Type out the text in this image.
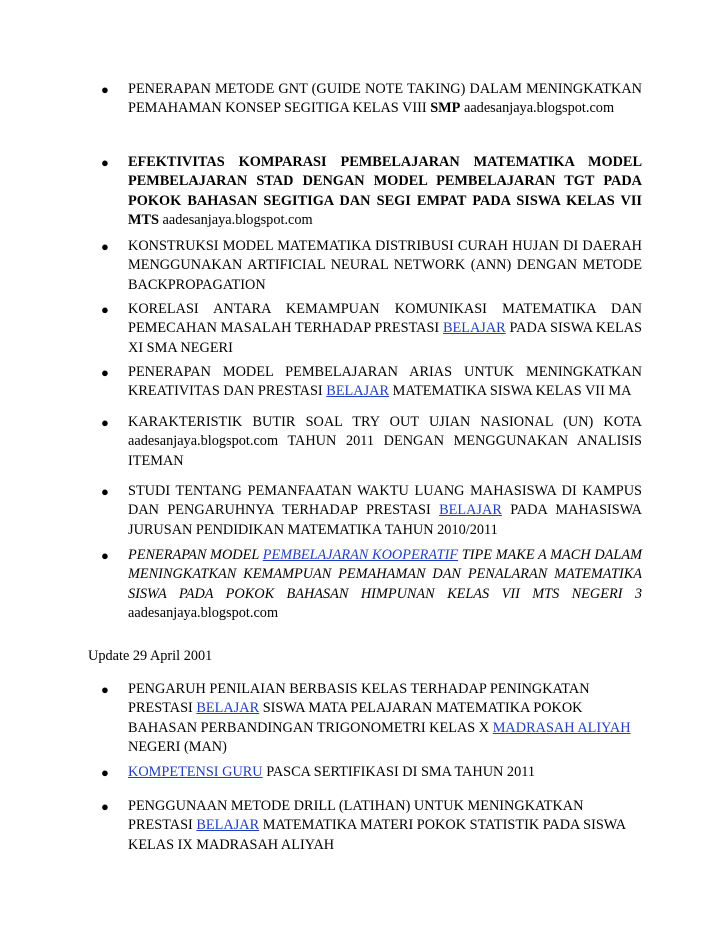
● PENERAPAN METODE GNT (GUIDE NOTE TAKING) DALAM MENINGKATKAN PEMAHAMAN KONSEP SEGITIGA KELAS VIII SMP aadesanjaya.blogspot.com
● EFEKTIVITAS KOMPARASI PEMBELAJARAN MATEMATIKA MODEL PEMBELAJARAN STAD DENGAN MODEL PEMBELAJARAN TGT PADA POKOK BAHASAN SEGITIGA DAN SEGI EMPAT PADA SISWA KELAS VII MTS aadesanjaya.blogspot.com
● KONSTRUKSI MODEL MATEMATIKA DISTRIBUSI CURAH HUJAN DI DAERAH MENGGUNAKAN ARTIFICIAL NEURAL NETWORK (ANN) DENGAN METODE BACKPROPAGATION
● KORELASI ANTARA KEMAMPUAN KOMUNIKASI MATEMATIKA DAN PEMECAHAN MASALAH TERHADAP PRESTASI BELAJAR PADA SISWA KELAS XI SMA NEGERI
● PENERAPAN MODEL PEMBELAJARAN ARIAS UNTUK MENINGKATKAN KREATIVITAS DAN PRESTASI BELAJAR MATEMATIKA SISWA KELAS VII MA
● KARAKTERISTIK BUTIR SOAL TRY OUT UJIAN NASIONAL (UN) KOTA aadesanjaya.blogspot.com TAHUN 2011 DENGAN MENGGUNAKAN ANALISIS ITEMAN
● STUDI TENTANG PEMANFAATAN WAKTU LUANG MAHASISWA DI KAMPUS DAN PENGARUHNYA TERHADAP PRESTASI BELAJAR PADA MAHASISWA JURUSAN PENDIDIKAN MATEMATIKA TAHUN 2010/2011
● PENERAPAN MODEL PEMBELAJARAN KOOPERATIF TIPE MAKE A MACH DALAM MENINGKATKAN KEMAMPUAN PEMAHAMAN DAN PENALARAN MATEMATIKA SISWA PADA POKOK BAHASAN HIMPUNAN KELAS VII MTS NEGERI 3 aadesanjaya.blogspot.com
Update 29 April 2001
● PENGARUH PENILAIAN BERBASIS KELAS TERHADAP PENINGKATAN PRESTASI BELAJAR SISWA MATA PELAJARAN MATEMATIKA POKOK BAHASAN PERBANDINGAN TRIGONOMETRI KELAS X MADRASAH ALIYAH NEGERI (MAN)
● KOMPETENSI GURU PASCA SERTIFIKASI DI SMA TAHUN 2011
● PENGGUNAAN METODE DRILL (LATIHAN) UNTUK MENINGKATKAN PRESTASI BELAJAR MATEMATIKA MATERI POKOK STATISTIK PADA SISWA KELAS IX MADRASAH ALIYAH
